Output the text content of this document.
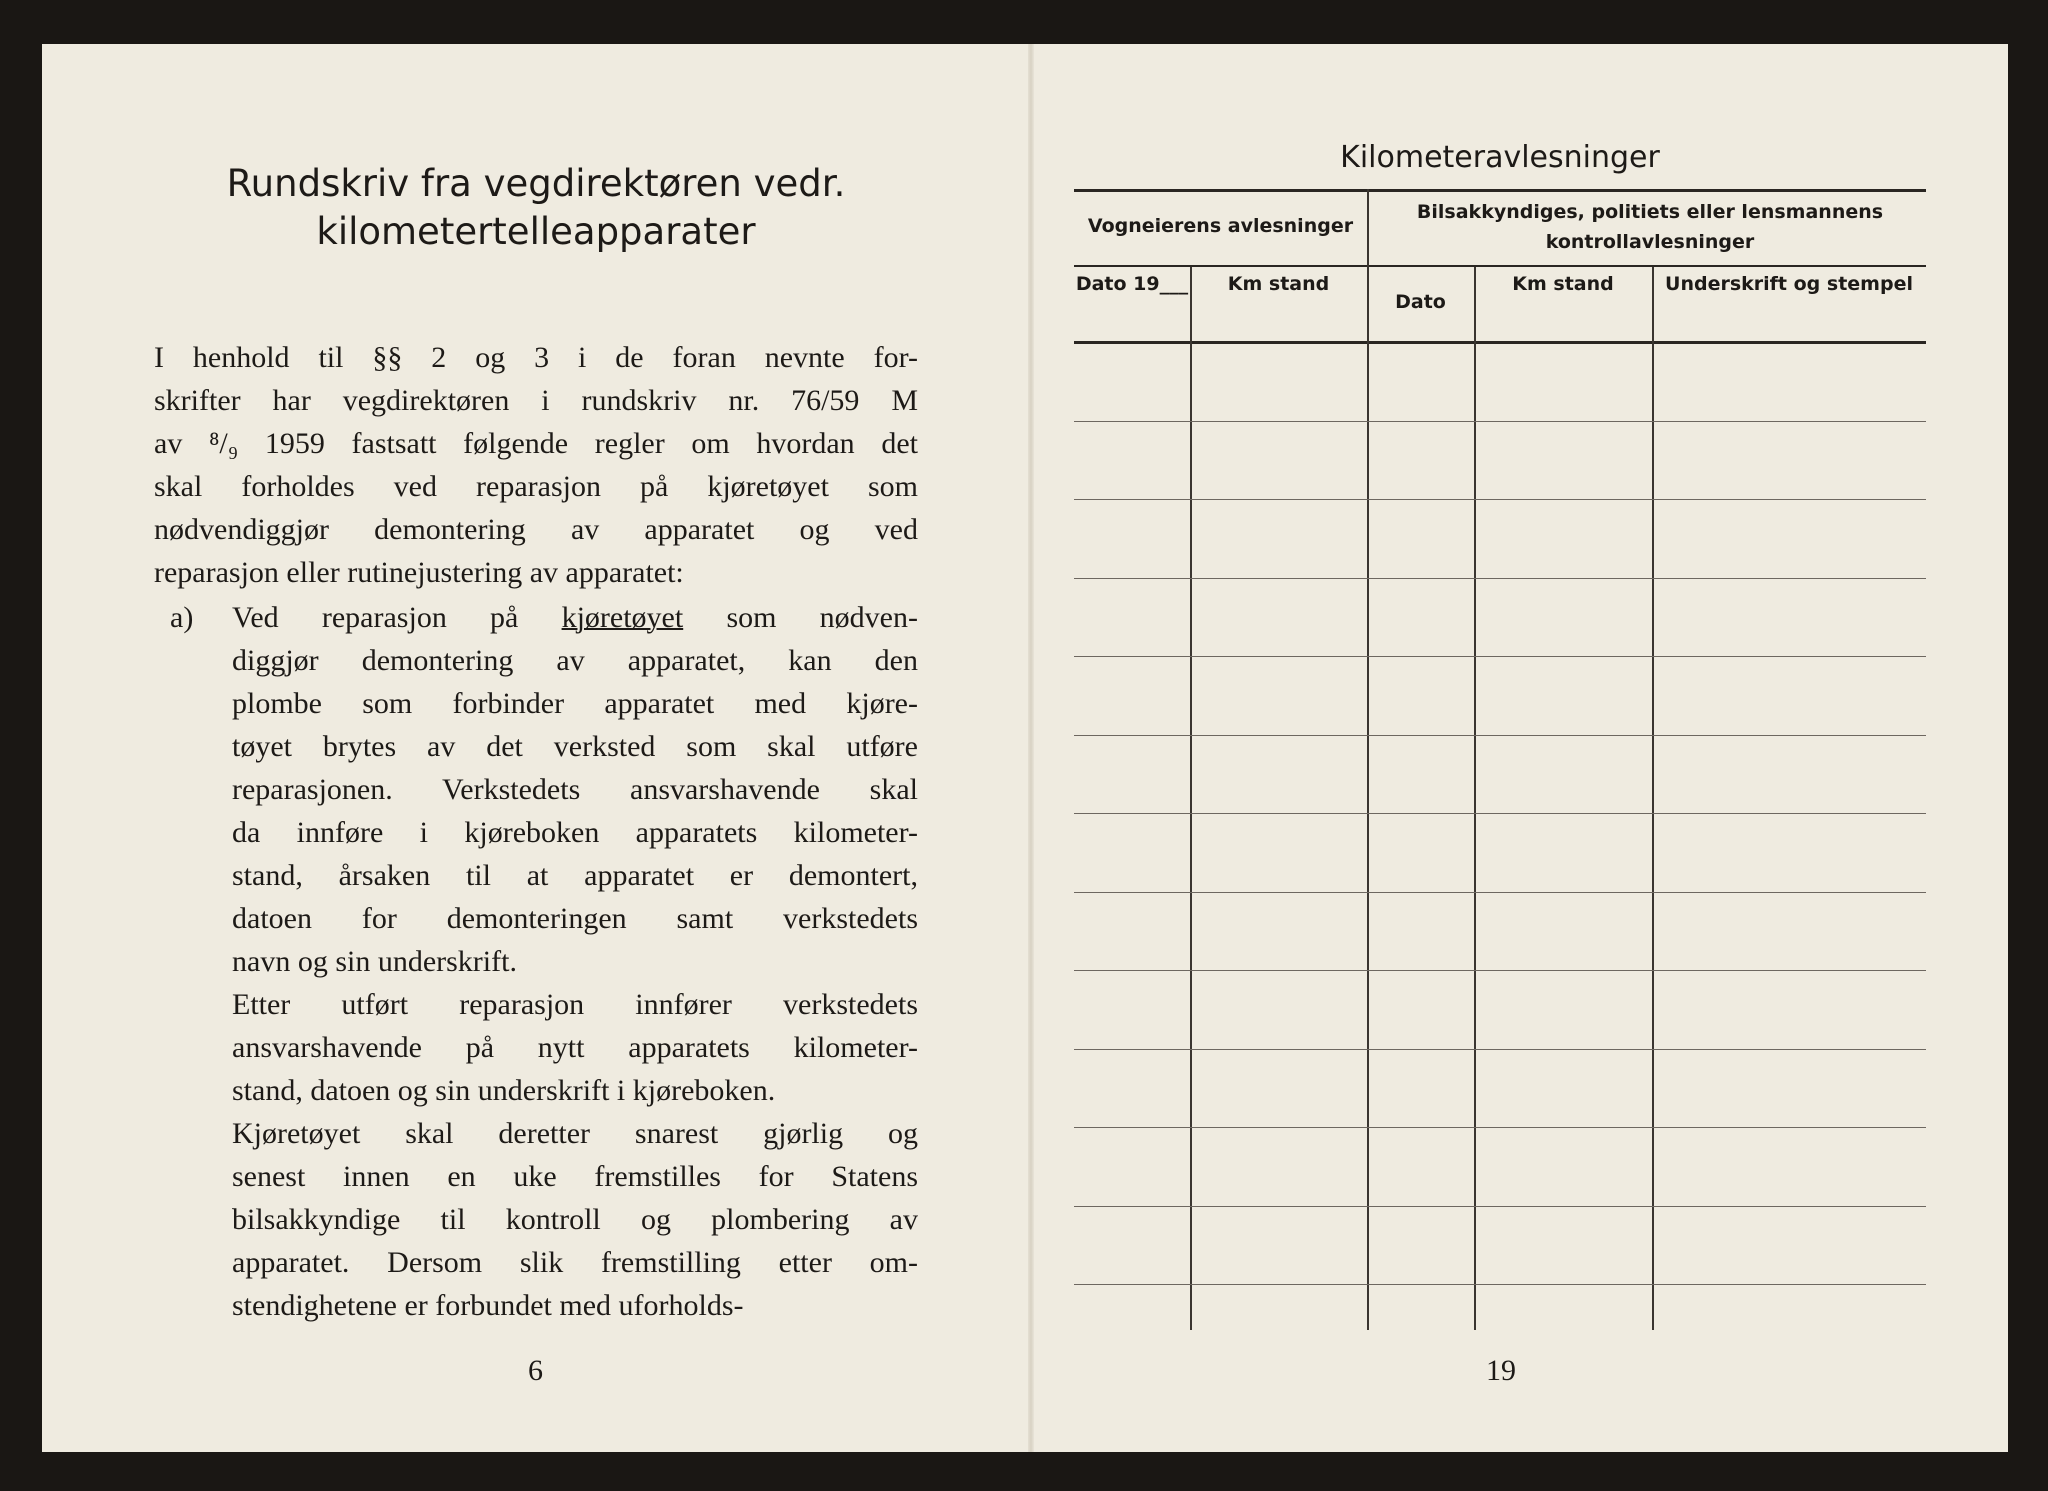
Rundskriv fra vegdirektøren vedr.
kilometertelleapparater
I henhold til §§ 2 og 3 i de foran nevnte for-
skrifter har vegdirektøren i rundskriv nr. 76/59 M
av ⁸/₉ 1959 fastsatt følgende regler om hvordan det
skal forholdes ved reparasjon på kjøretøyet som
nødvendiggjør demontering av apparatet og ved
reparasjon eller rutinejustering av apparatet:
a) Ved reparasjon på kjøretøyet som nødven-
diggjør demontering av apparatet, kan den
plombe som forbinder apparatet med kjøre-
tøyet brytes av det verksted som skal utføre
reparasjonen. Verkstedets ansvarshavende skal
da innføre i kjøreboken apparatets kilometer-
stand, årsaken til at apparatet er demontert,
datoen for demonteringen samt verkstedets
navn og sin underskrift.
Etter utført reparasjon innfører verkstedets
ansvarshavende på nytt apparatets kilometer-
stand, datoen og sin underskrift i kjøreboken.
Kjøretøyet skal deretter snarest gjørlig og
senest innen en uke fremstilles for Statens
bilsakkyndige til kontroll og plombering av
apparatet. Dersom slik fremstilling etter om-
stendighetene er forbundet med uforholds-
6
Kilometeravlesninger
Vogneierens avlesninger
Bilsakkyndiges, politiets eller lensmannens kontrollavlesninger
Dato 19___	Km stand
Dato
Km stand	Underskrift og stempel
19
